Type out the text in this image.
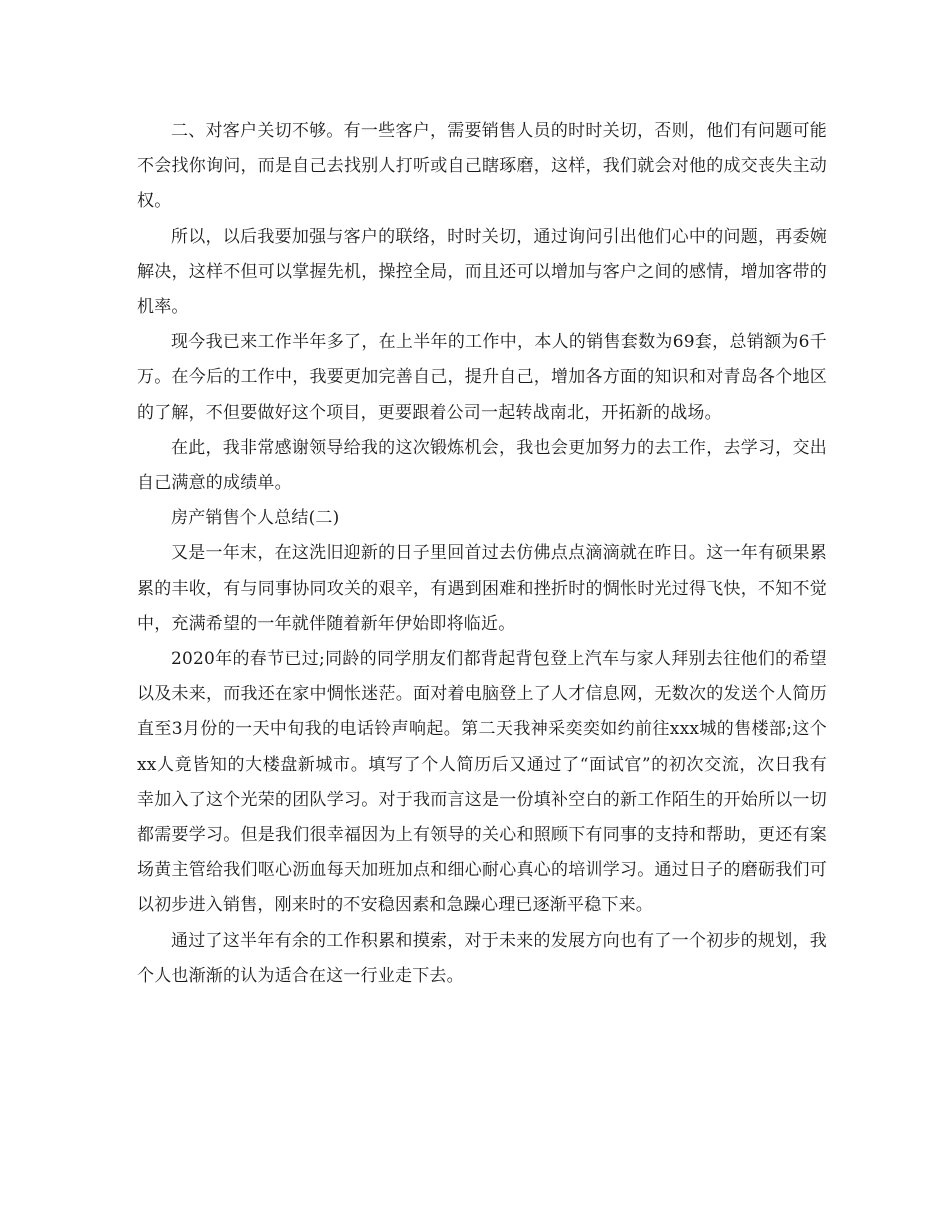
二、对客户关切不够。有一些客户，需要销售人员的时时关切，否则，他们有问题可能不会找你询问，而是自己去找别人打听或自己瞎琢磨，这样，我们就会对他的成交丧失主动权。

所以，以后我要加强与客户的联络，时时关切，通过询问引出他们心中的问题，再委婉解决，这样不但可以掌握先机，操控全局，而且还可以增加与客户之间的感情，增加客带的机率。

现今我已来工作半年多了，在上半年的工作中，本人的销售套数为69套，总销额为6千万。在今后的工作中，我要更加完善自己，提升自己，增加各方面的知识和对青岛各个地区的了解，不但要做好这个项目，更要跟着公司一起转战南北，开拓新的战场。

在此，我非常感谢领导给我的这次锻炼机会，我也会更加努力的去工作，去学习，交出自己满意的成绩单。

房产销售个人总结(二)

又是一年末，在这洗旧迎新的日子里回首过去仿佛点点滴滴就在昨日。这一年有硕果累累的丰收，有与同事协同攻关的艰辛，有遇到困难和挫折时的惆怅时光过得飞快，不知不觉中，充满希望的一年就伴随着新年伊始即将临近。

2020年的春节已过;同龄的同学朋友们都背起背包登上汽车与家人拜别去往他们的希望以及未来，而我还在家中惆怅迷茫。面对着电脑登上了人才信息网，无数次的发送个人简历直至3月份的一天中旬我的电话铃声响起。第二天我神采奕奕如约前往xxx城的售楼部;这个xx人竟皆知的大楼盘新城市。填写了个人简历后又通过了“面试官”的初次交流，次日我有幸加入了这个光荣的团队学习。对于我而言这是一份填补空白的新工作陌生的开始所以一切都需要学习。但是我们很幸福因为上有领导的关心和照顾下有同事的支持和帮助，更还有案场黄主管给我们呕心沥血每天加班加点和细心耐心真心的培训学习。通过日子的磨砺我们可以初步进入销售，刚来时的不安稳因素和急躁心理已逐渐平稳下来。

通过了这半年有余的工作积累和摸索，对于未来的发展方向也有了一个初步的规划，我个人也渐渐的认为适合在这一行业走下去。
